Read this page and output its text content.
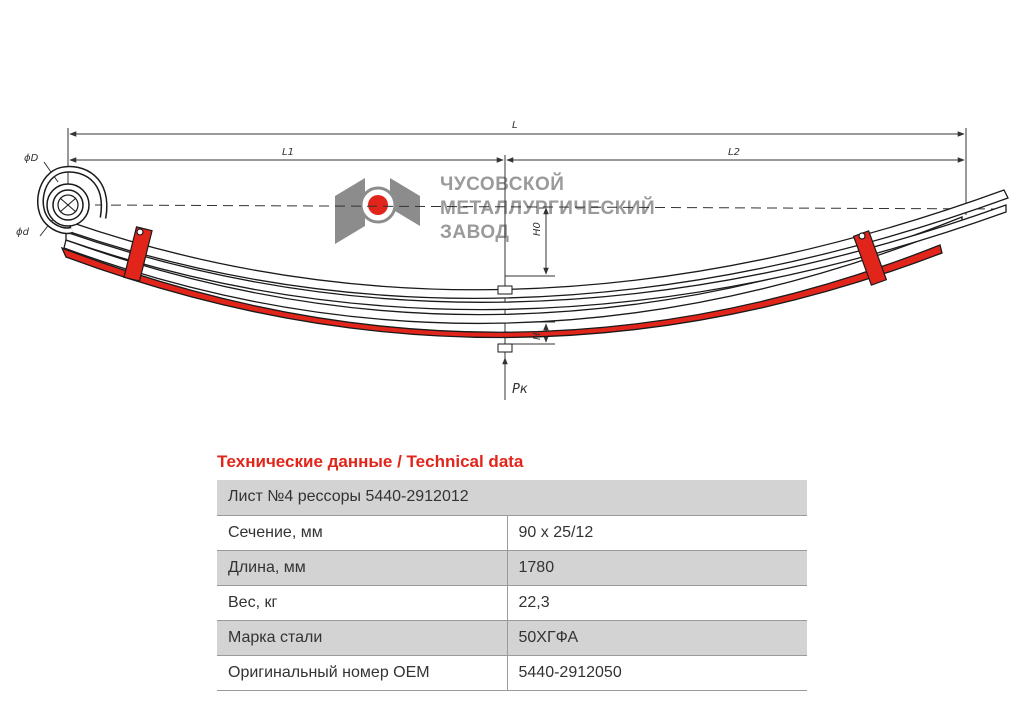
ЧУСОВСКОЙ
МЕТАЛЛУРГИЧЕСКИЙ
ЗАВОД
L
L1	L2
ϕD
ϕd	H0
H
Pк
Технические данные / Technical data
Лист №4 рессоры 5440-2912012	
Сечение, мм	90 х 25/12
Длина, мм	1780
Вес, кг	22,3
Марка стали	50ХГФА
Оригинальный номер OEM	5440-2912050
